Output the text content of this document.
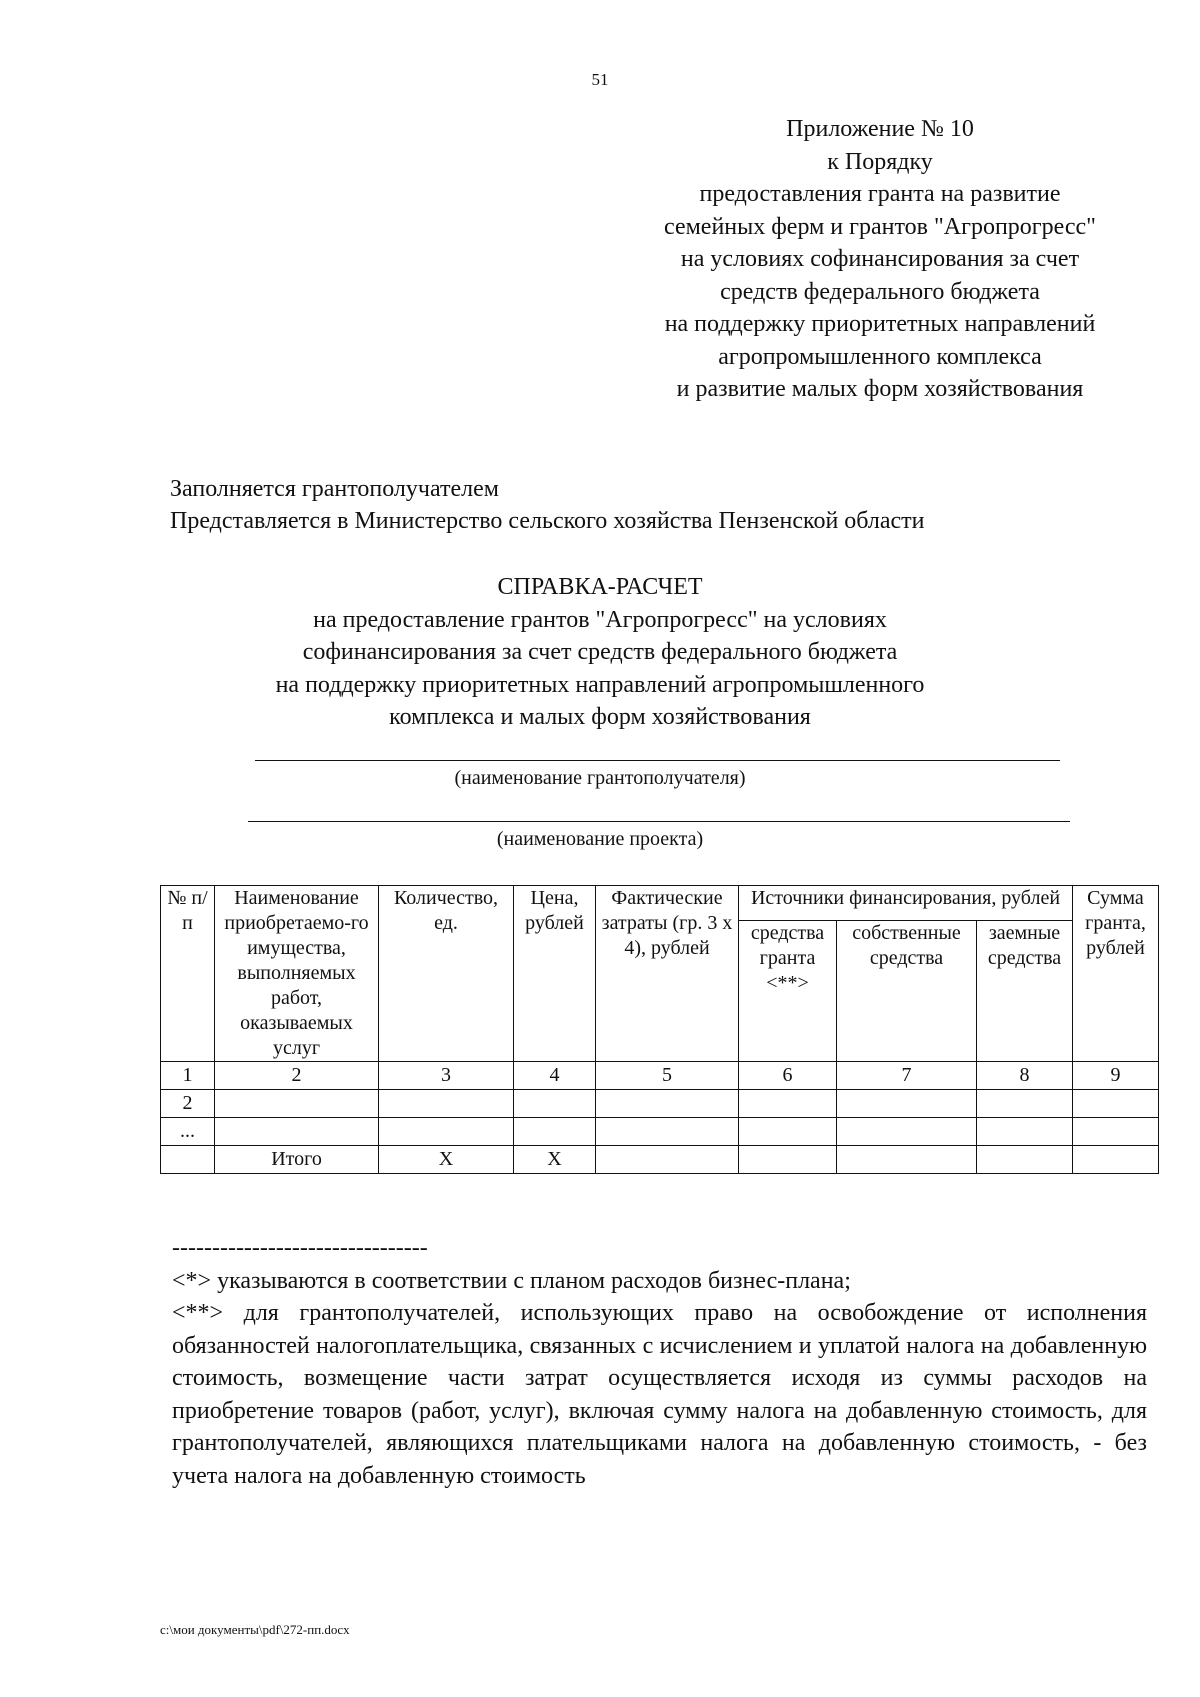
51
Приложение № 10
к Порядку
предоставления гранта на развитие
семейных ферм и грантов "Агропрогресс"
на условиях софинансирования за счет
средств федерального бюджета
на поддержку приоритетных направлений
агропромышленного комплекса
и развитие малых форм хозяйствования
Заполняется грантополучателем
Представляется в Министерство сельского хозяйства Пензенской области
СПРАВКА-РАСЧЕТ
на предоставление грантов "Агропрогресс" на условиях
софинансирования за счет средств федерального бюджета
на поддержку приоритетных направлений агропромышленного
комплекса и малых форм хозяйствования
(наименование грантополучателя)
(наименование проекта)
№ п/п	Наименование приобретаемо-го имущества, выполняемых работ, оказываемых услуг	Количество, ед.	Цена, рублей	Фактические затраты (гр. 3 x 4), рублей	Источники финансирования, рублей			Сумма гранта, рублей
					средства гранта <**>	собственные средства	заемные средства	
1	2	3	4	5	6	7	8	9
2								
...								
	Итого	X	X					
--------------------------------
<*> указываются в соответствии с планом расходов бизнес-плана;
<**> для грантополучателей, использующих право на освобождение от исполнения обязанностей налогоплательщика, связанных с исчислением и уплатой налога на добавленную стоимость, возмещение части затрат осуществляется исходя из суммы расходов на приобретение товаров (работ, услуг), включая сумму налога на добавленную стоимость, для грантополучателей, являющихся плательщиками налога на добавленную стоимость, - без учета налога на добавленную стоимость
c:\мои документы\pdf\272-пп.docx
